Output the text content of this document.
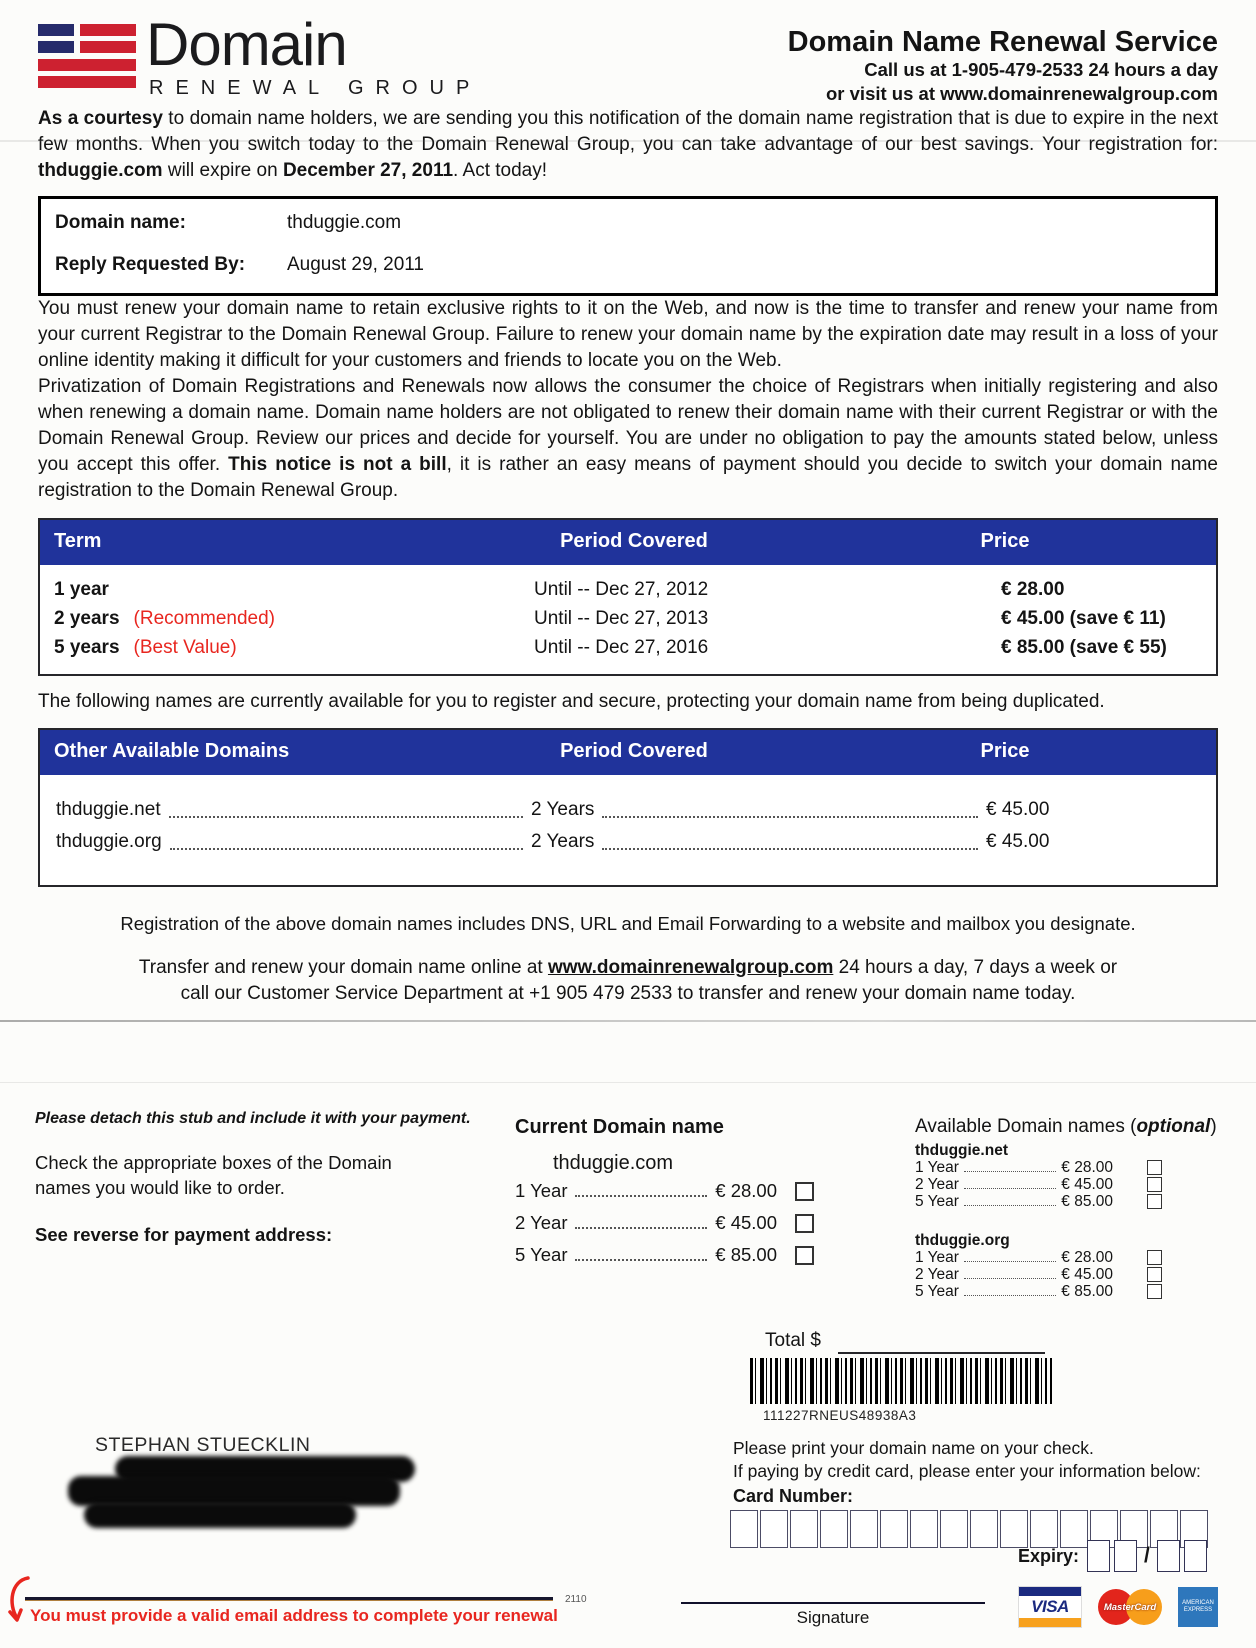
Domain
RENEWAL GROUP
Domain Name Renewal Service
Call us at 1-905-479-2533 24 hours a day
or visit us at www.domainrenewalgroup.com

As a courtesy to domain name holders, we are sending you this notification of the domain name registration that is due to expire in the next few months. When you switch today to the Domain Renewal Group, you can take advantage of our best savings. Your registration for: thduggie.com will expire on December 27, 2011. Act today!

Domain name:	thduggie.com
Reply Requested By:	August 29, 2011

You must renew your domain name to retain exclusive rights to it on the Web, and now is the time to transfer and renew your name from your current Registrar to the Domain Renewal Group. Failure to renew your domain name by the expiration date may result in a loss of your online identity making it difficult for your customers and friends to locate you on the Web.

Privatization of Domain Registrations and Renewals now allows the consumer the choice of Registrars when initially registering and also when renewing a domain name. Domain name holders are not obligated to renew their domain name with their current Registrar or with the Domain Renewal Group. Review our prices and decide for yourself. You are under no obligation to pay the amounts stated below, unless you accept this offer. This notice is not a bill, it is rather an easy means of payment should you decide to switch your domain name registration to the Domain Renewal Group.

Term	Period Covered	Price
1 year	Until -- Dec 27, 2012	€ 28.00
2 years (Recommended)	Until -- Dec 27, 2013	€ 45.00 (save € 11)
5 years (Best Value)	Until -- Dec 27, 2016	€ 85.00 (save € 55)

The following names are currently available for you to register and secure, protecting your domain name from being duplicated.

Other Available Domains	Period Covered	Price
thduggie.net	2 Years	€ 45.00
thduggie.org	2 Years	€ 45.00

Registration of the above domain names includes DNS, URL and Email Forwarding to a website and mailbox you designate.

Transfer and renew your domain name online at www.domainrenewalgroup.com 24 hours a day, 7 days a week or
call our Customer Service Department at +1 905 479 2533 to transfer and renew your domain name today.

Please detach this stub and include it with your payment.
Check the appropriate boxes of the Domain names you would like to order.
See reverse for payment address:
Current Domain name
thduggie.com
1 Year	€ 28.00
2 Year	€ 45.00
5 Year	€ 85.00
Available Domain names (optional)
thduggie.net
1 Year	€ 28.00
2 Year	€ 45.00
5 Year	€ 85.00
thduggie.org
1 Year	€ 28.00
2 Year	€ 45.00
5 Year	€ 85.00
Total $
111227RNEUS48938A3
STEPHAN STUECKLIN	Please print your domain name on your check.
If paying by credit card, please enter your information below:
Card Number:
Expiry:	/
Signature
VISA	MasterCard	AMERICAN EXPRESS
You must provide a valid email address to complete your renewal
2110
